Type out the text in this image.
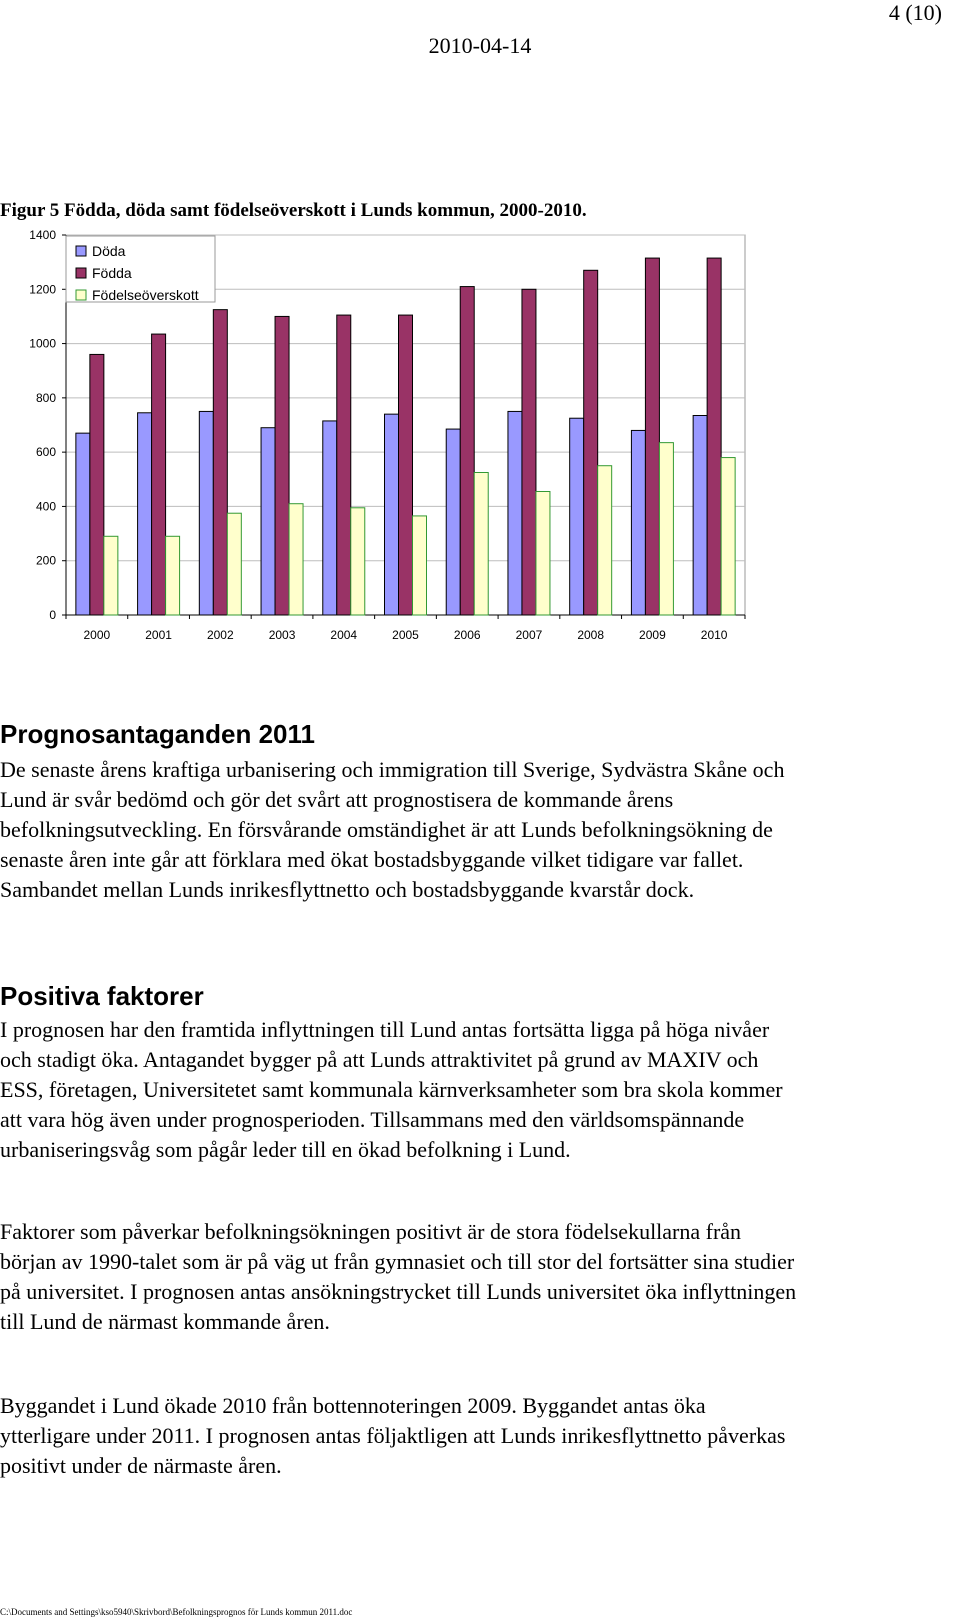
4 (10)
2010-04-14
Figur 5 Födda, döda samt födelseöverskott i Lunds kommun, 2000-2010.
0
200
400
600
800
1000
1200
1400
2000	2001	2002	2003	2004	2005	2006	2007	2008	2009	2010
Döda
Födda
Födelseöverskott
Prognosantaganden 2011

De senaste årens kraftiga urbanisering och immigration till Sverige, Sydvästra Skåne och Lund är svår bedömd och gör det svårt att prognostisera de kommande årens befolkningsutveckling. En försvårande omständighet är att Lunds befolkningsökning de senaste åren inte går att förklara med ökat bostadsbyggande vilket tidigare var fallet. Sambandet mellan Lunds inrikesflyttnetto och bostadsbyggande kvarstår dock.

Positiva faktorer

I prognosen har den framtida inflyttningen till Lund antas fortsätta ligga på höga nivåer och stadigt öka. Antagandet bygger på att Lunds attraktivitet på grund av MAXIV och ESS, företagen, Universitetet samt kommunala kärnverksamheter som bra skola kommer att vara hög även under prognosperioden. Tillsammans med den världsomspännande urbaniseringsvåg som pågår leder till en ökad befolkning i Lund.

Faktorer som påverkar befolkningsökningen positivt är de stora födelsekullarna från början av 1990-talet som är på väg ut från gymnasiet och till stor del fortsätter sina studier på universitet. I prognosen antas ansökningstrycket till Lunds universitet öka inflyttningen till Lund de närmast kommande åren.

Byggandet i Lund ökade 2010 från bottennoteringen 2009. Byggandet antas öka ytterligare under 2011. I prognosen antas följaktligen att Lunds inrikesflyttnetto påverkas positivt under de närmaste åren.

C:\Documents and Settings\kso5940\Skrivbord\Befolkningsprognos för Lunds kommun 2011.doc
